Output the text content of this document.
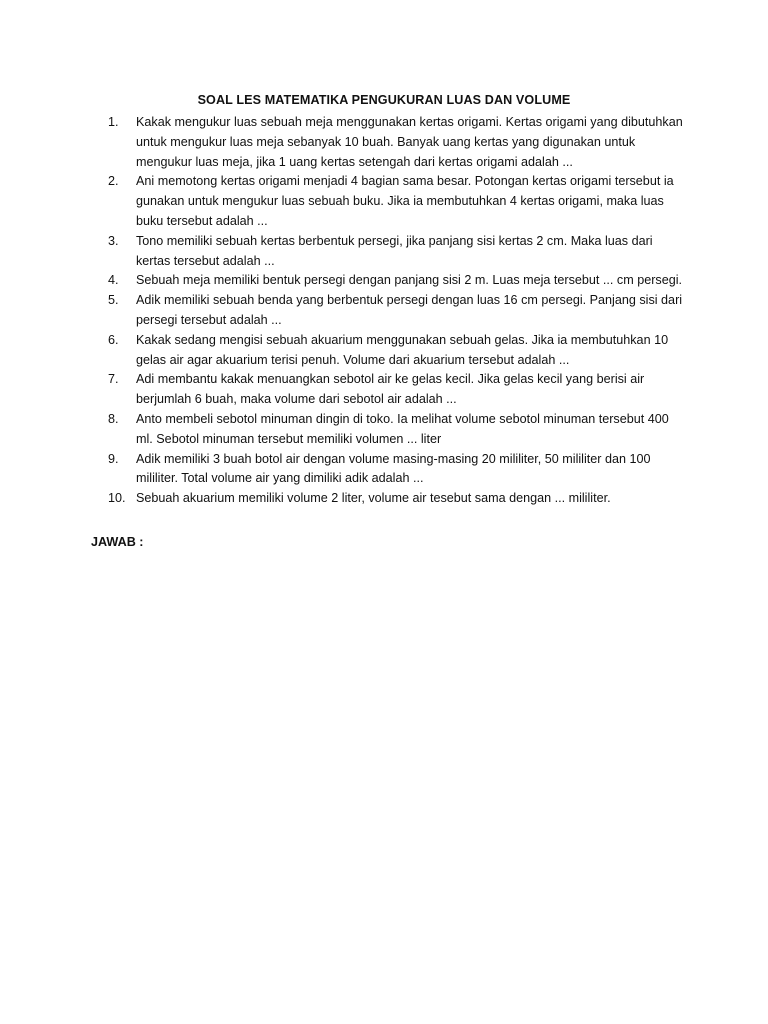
SOAL LES MATEMATIKA PENGUKURAN LUAS DAN VOLUME
1.	Kakak mengukur luas sebuah meja menggunakan kertas origami. Kertas origami yang dibutuhkan untuk mengukur luas meja sebanyak 10 buah. Banyak uang kertas yang digunakan untuk mengukur luas meja, jika 1 uang kertas setengah dari kertas origami adalah ...
2.	Ani memotong kertas origami menjadi 4 bagian sama besar. Potongan kertas origami tersebut ia gunakan untuk mengukur luas sebuah buku. Jika ia membutuhkan 4 kertas origami, maka luas buku tersebut adalah ...
3.	Tono memiliki sebuah kertas berbentuk persegi, jika panjang sisi kertas 2 cm. Maka luas dari kertas tersebut adalah ...
4.	Sebuah meja memiliki bentuk persegi dengan panjang sisi 2 m. Luas meja tersebut ... cm persegi.
5.	Adik memiliki sebuah benda yang berbentuk persegi dengan luas 16 cm persegi. Panjang sisi dari persegi tersebut adalah ...
6.	Kakak sedang mengisi sebuah akuarium menggunakan sebuah gelas. Jika ia membutuhkan 10 gelas air agar akuarium terisi penuh. Volume dari akuarium tersebut adalah ...
7.	Adi membantu kakak menuangkan sebotol air ke gelas kecil. Jika gelas kecil yang berisi air berjumlah 6 buah, maka volume dari sebotol air adalah ...
8.	Anto membeli sebotol minuman dingin di toko. Ia melihat volume sebotol minuman tersebut 400 ml. Sebotol minuman tersebut memiliki volumen ... liter
9.	Adik memiliki 3 buah botol air dengan volume masing-masing 20 mililiter, 50 mililiter dan 100 mililiter. Total volume air yang dimiliki adik adalah ...
10. Sebuah akuarium memiliki volume 2 liter, volume air tesebut sama dengan ... mililiter.
JAWAB :
